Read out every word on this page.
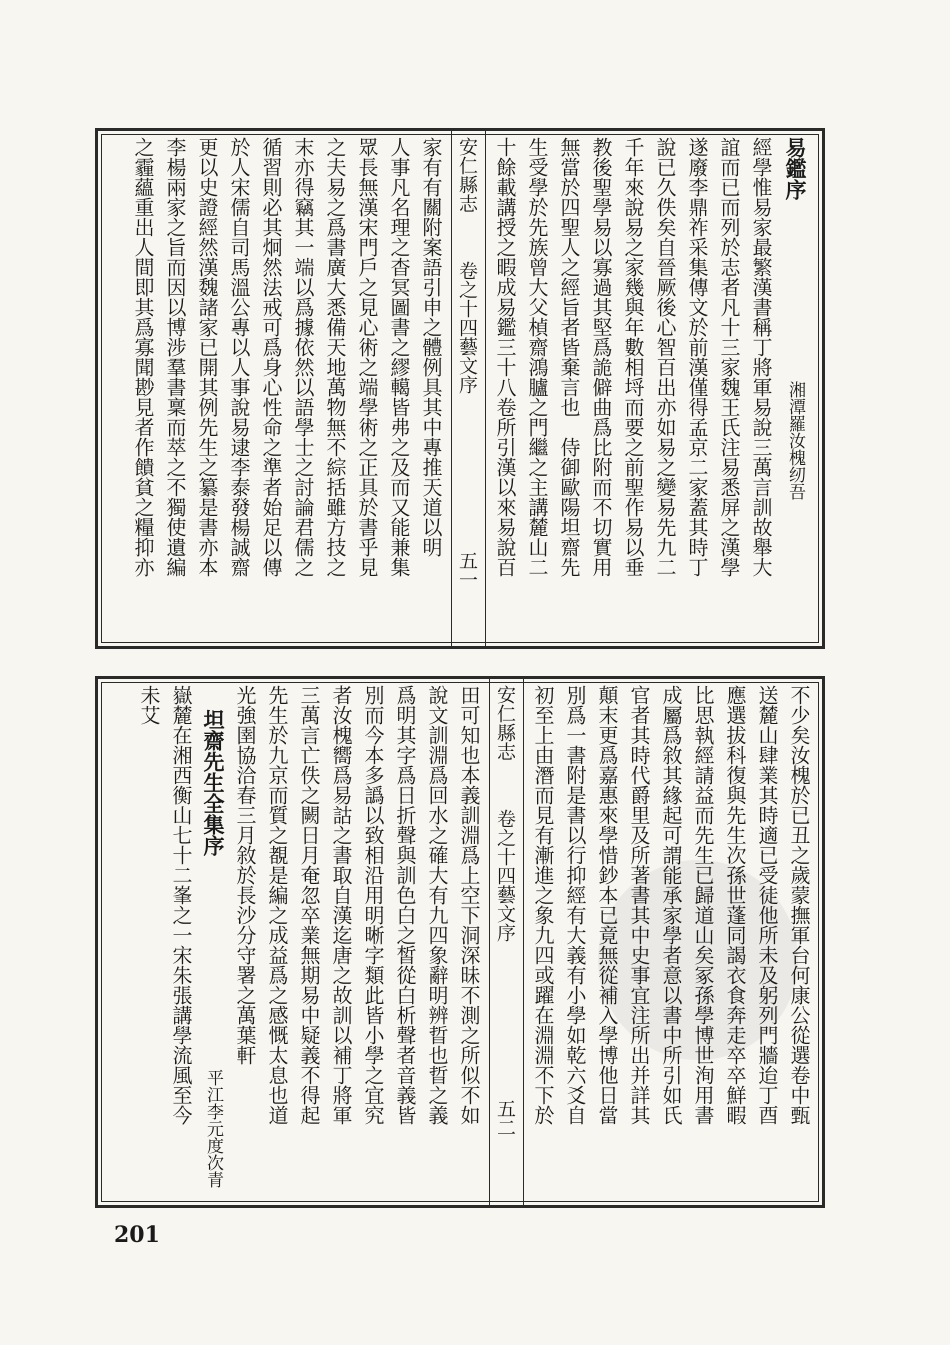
易鑑序
湘潭羅汝槐纫吾
經學惟易家最繁漢書稱丁將軍易說三萬言訓故舉大
誼而已而列於志者凡十三家魏王氏注易悉屏之漢學
遂廢李鼎祚采集傳文於前漢僅得孟京二家蓋其時丁
說已久佚矣自晉厥後心智百出亦如易之變易先九二
千年來說易之家幾與年數相埒而要之前聖作易以垂
教後聖學易以寡過其堅爲詭僻曲爲比附而不切實用
無當於四聖人之經旨者皆棄言也　侍御歐陽坦齋先
生受學於先族曾大父楨齋鴻臚之門繼之主講麓山二
十餘載講授之暇成易鑑三十八卷所引漢以來易說百
安仁縣志
卷之十四藝文序
五一
家有有關附案語引申之體例具其中專推天道以明
人事凡名理之杳冥圖書之繆轕皆弗之及而又能兼集
眾長無漢宋門戶之見心術之端學術之正具於書乎見
之夫易之爲書廣大悉備天地萬物無不綜括雖方技之
末亦得竊其一端以爲據依然以語學士之討論君儒之
循習則必其炯然法戒可爲身心性命之準者始足以傳
於人宋儒自司馬溫公專以人事說易逮李泰發楊誠齋
更以史證經然漢魏諸家已開其例先生之纂是書亦本
李楊兩家之旨而因以博涉羣書稟而萃之不獨使遺編
之霾蘊重出人間即其爲寡聞尠見者作饋貧之糧抑亦
不少矣汝槐於已丑之歲蒙撫軍台何康公從選卷中甄
送麓山肆業其時適已受徒他所未及躬列門牆迨丁酉
應選拔科復與先生次孫世蓬同謁衣食奔走卒卒鮮暇
比思執經請益而先生已歸道山矣冢孫學博世洵用書
成屬爲敘其緣起可謂能承家學者意以書中所引如氏
官者其時代爵里及所著書其中史事宜注所出并詳其
顛末更爲嘉惠來學惜鈔本已竟無從補入學博他日當
別爲一書附是書以行抑經有大義有小學如乾六爻自
初至上由潛而見有漸進之象九四或躍在淵淵不下於
安仁縣志
卷之十四藝文序
五二
田可知也本義訓淵爲上空下洞深昧不測之所似不如
說文訓淵爲回水之確大有九四象辭明辨晢也晢之義
爲明其字爲日折聲與訓色白之皙從白析聲者音義皆
別而今本多譌以致相沿用明晰字類此皆小學之宜究
者汝槐嚮爲易詁之書取自漢迄唐之故訓以補丁將軍
三萬言亡佚之闕日月奄忽卒業無期易中疑義不得起
先生於九京而質之覩是編之成益爲之感慨太息也道
光強圉協洽春三月敘於長沙分守署之萬葉軒
坦齋先生全集序
平江李元度次青
嶽麓在湘西衡山七十二峯之一宋朱張講學流風至今
未艾
201
